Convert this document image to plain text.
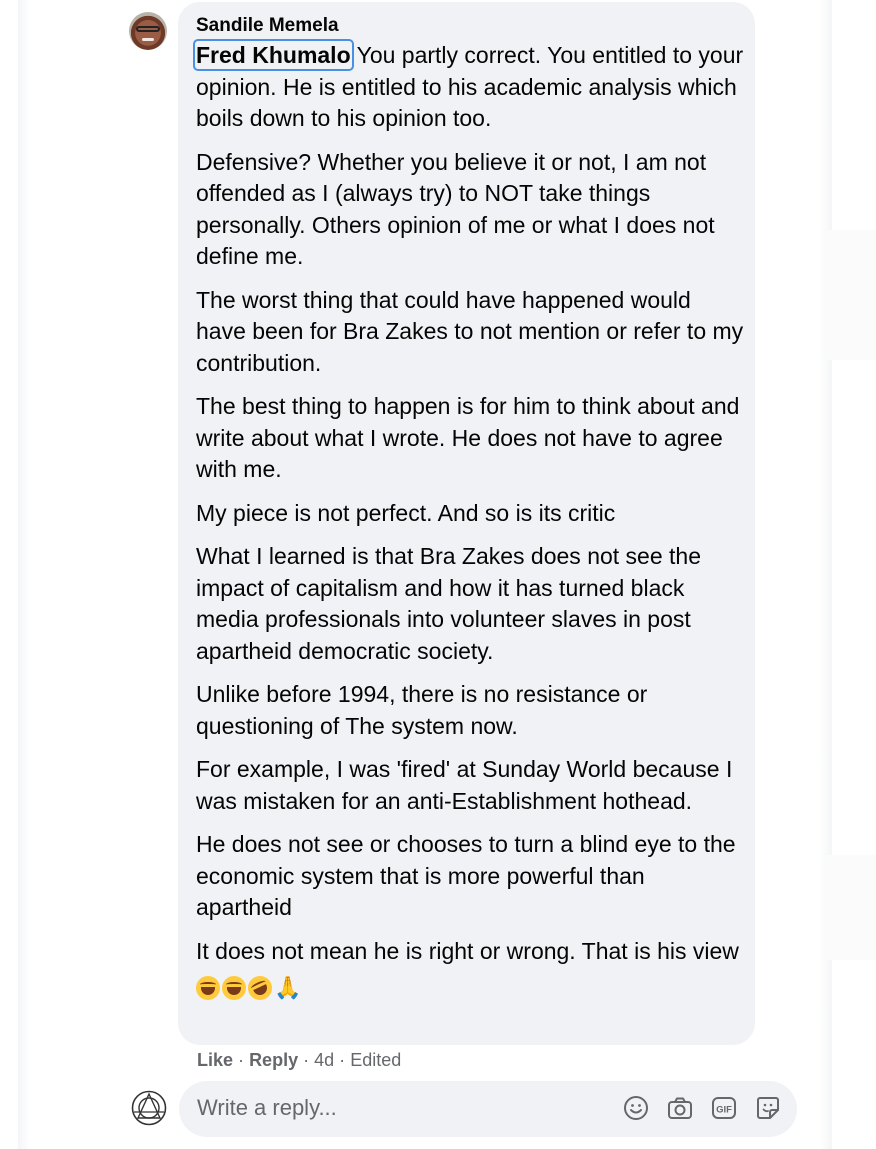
Sandile Memela

Fred Khumalo You partly correct. You entitled to your opinion. He is entitled to his academic analysis which boils down to his opinion too.

Defensive? Whether you believe it or not, I am not offended as I (always try) to NOT take things personally. Others opinion of me or what I does not define me.

The worst thing that could have happened would have been for Bra Zakes to not mention or refer to my contribution.

The best thing to happen is for him to think about and write about what I wrote. He does not have to agree with me.

My piece is not perfect. And so is its critic

What I learned is that Bra Zakes does not see the impact of capitalism and how it has turned black media professionals into volunteer slaves in post apartheid democratic society.

Unlike before 1994, there is no resistance or questioning of The system now.

For example, I was 'fired' at Sunday World because I was mistaken for an anti-Establishment hothead.

He does not see or chooses to turn a blind eye to the economic system that is more powerful than apartheid

It does not mean he is right or wrong. That is his view 🙏

Like · Reply · 4d · Edited
Write a reply...
GIF
